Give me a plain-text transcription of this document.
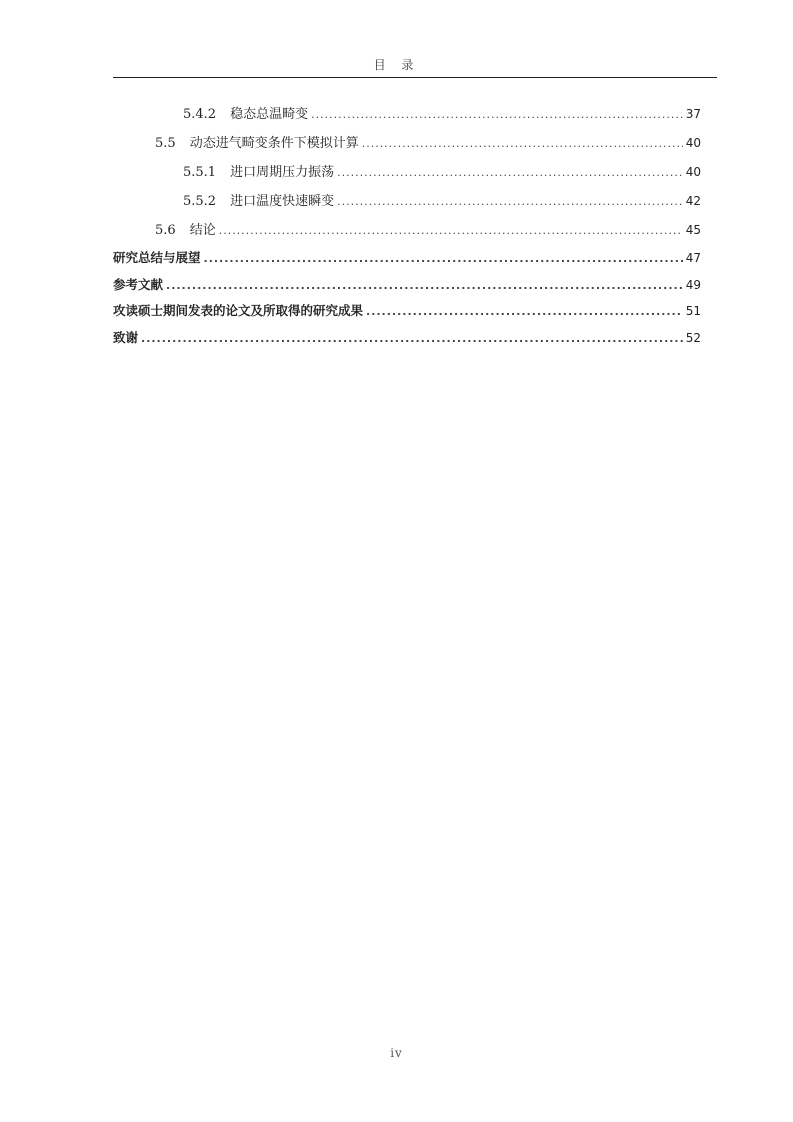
目 录
5.4.2 稳态总温畸变 .....	37
5.5 动态进气畸变条件下模拟计算 .....	40
5.5.1 进口周期压力振荡 .....	40
5.5.2 进口温度快速瞬变 .....	42
5.6 结论 .....	45
研究总结与展望 .....	47
参考文献 .....	49
攻读硕士期间发表的论文及所取得的研究成果 .....	51
致谢 .....	52
iv
